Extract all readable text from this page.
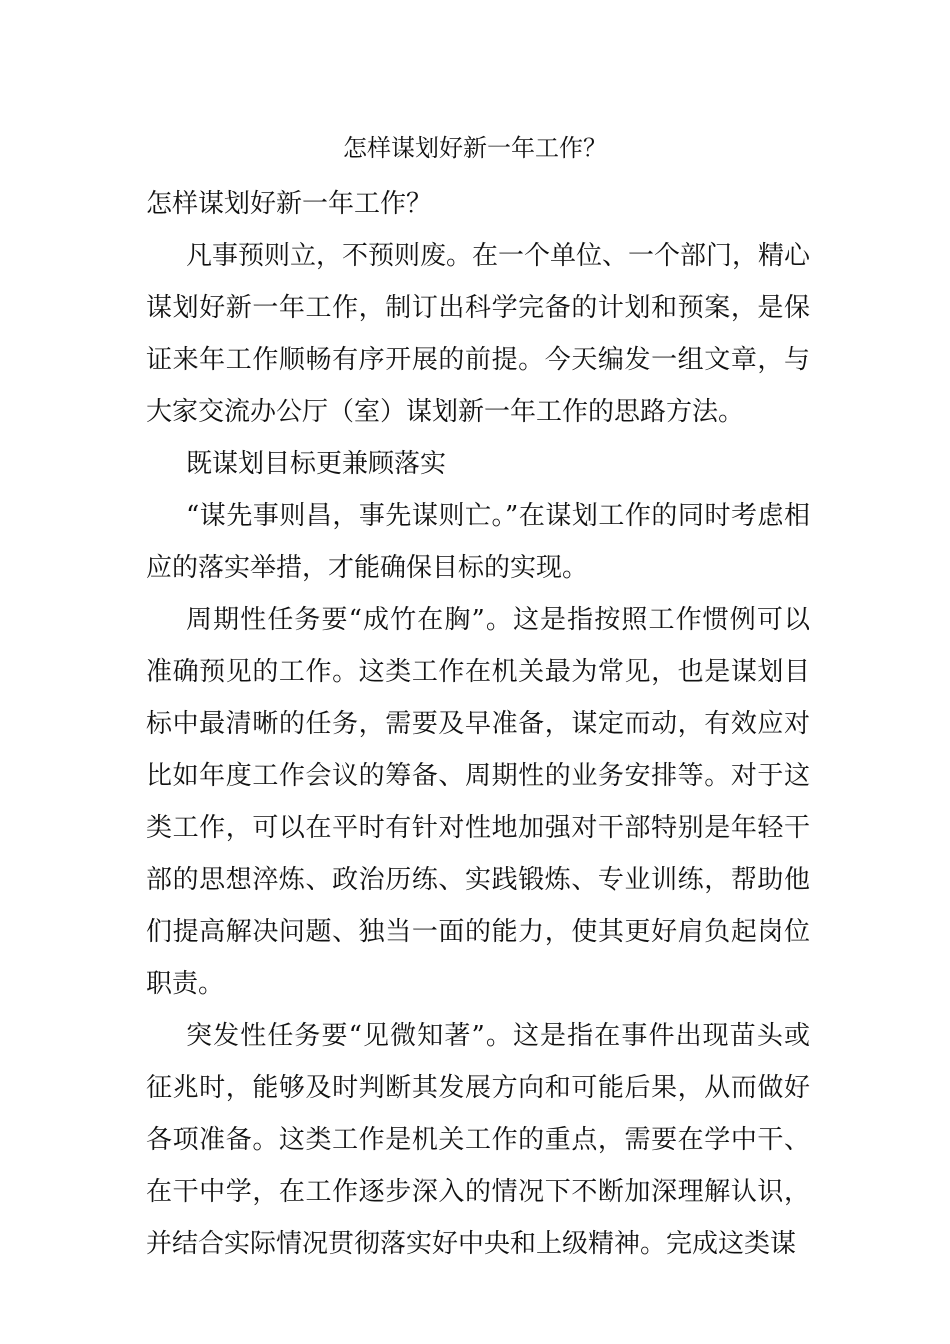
怎样谋划好新一年工作？

怎样谋划好新一年工作？

凡事预则立，不预则废。在一个单位、一个部门，精心谋划好新一年工作，制订出科学完备的计划和预案，是保证来年工作顺畅有序开展的前提。今天编发一组文章，与大家交流办公厅（室）谋划新一年工作的思路方法。

既谋划目标更兼顾落实

“谋先事则昌，事先谋则亡。”在谋划工作的同时考虑相应的落实举措，才能确保目标的实现。

周期性任务要“成竹在胸”。这是指按照工作惯例可以准确预见的工作。这类工作在机关最为常见，也是谋划目标中最清晰的任务，需要及早准备，谋定而动，有效应对比如年度工作会议的筹备、周期性的业务安排等。对于这类工作，可以在平时有针对性地加强对干部特别是年轻干部的思想淬炼、政治历练、实践锻炼、专业训练，帮助他们提高解决问题、独当一面的能力，使其更好肩负起岗位职责。

突发性任务要“见微知著”。这是指在事件出现苗头或征兆时，能够及时判断其发展方向和可能后果，从而做好各项准备。这类工作是机关工作的重点，需要在学中干、在干中学，在工作逐步深入的情况下不断加深理解认识，并结合实际情况贯彻落实好中央和上级精神。完成这类谋
